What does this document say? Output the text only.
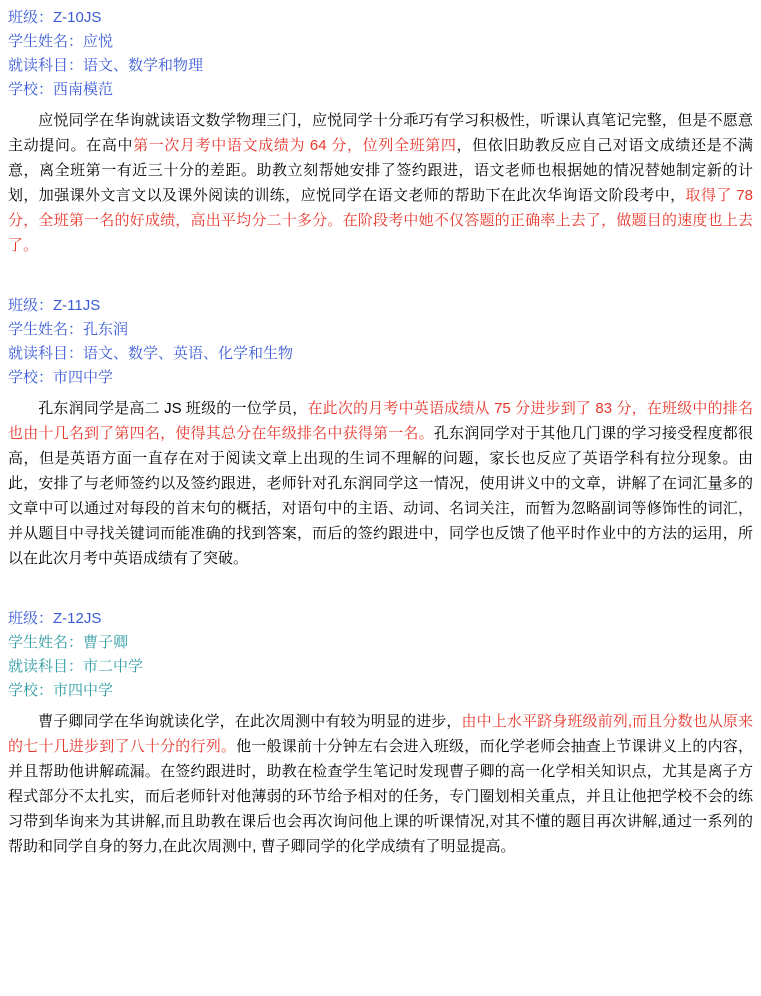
班级：Z-10JS
学生姓名：应悦
就读科目：语文、数学和物理
学校：西南模范
应悦同学在华询就读语文数学物理三门，应悦同学十分乖巧有学习积极性，听课认真笔记完整，但是不愿意主动提问。在高中第一次月考中语文成绩为 64 分，位列全班第四，但依旧助教反应自己对语文成绩还是不满意，离全班第一有近三十分的差距。助教立刻帮她安排了签约跟进，语文老师也根据她的情况替她制定新的计划，加强课外文言文以及课外阅读的训练，应悦同学在语文老师的帮助下在此次华询语文阶段考中，取得了 78 分，全班第一名的好成绩，高出平均分二十多分。在阶段考中她不仅答题的正确率上去了，做题目的速度也上去了。
班级：Z-11JS
学生姓名：孔东润
就读科目：语文、数学、英语、化学和生物
学校：市四中学
孔东润同学是高二 JS 班级的一位学员，在此次的月考中英语成绩从 75 分进步到了 83 分，在班级中的排名也由十几名到了第四名，使得其总分在年级排名中获得第一名。孔东润同学对于其他几门课的学习接受程度都很高，但是英语方面一直存在对于阅读文章上出现的生词不理解的问题，家长也反应了英语学科有拉分现象。由此，安排了与老师签约以及签约跟进，老师针对孔东润同学这一情况，使用讲义中的文章，讲解了在词汇量多的文章中可以通过对每段的首末句的概括，对语句中的主语、动词、名词关注，而暂为忽略副词等修饰性的词汇，并从题目中寻找关键词而能准确的找到答案，而后的签约跟进中，同学也反馈了他平时作业中的方法的运用，所以在此次月考中英语成绩有了突破。
班级：Z-12JS
学生姓名：曹子卿
就读科目：市二中学
学校：市四中学
曹子卿同学在华询就读化学，在此次周测中有较为明显的进步，由中上水平跻身班级前列,而且分数也从原来的七十几进步到了八十分的行列。他一般课前十分钟左右会进入班级，而化学老师会抽查上节课讲义上的内容，并且帮助他讲解疏漏。在签约跟进时，助教在检查学生笔记时发现曹子卿的高一化学相关知识点，尤其是离子方程式部分不太扎实，而后老师针对他薄弱的环节给予相对的任务，专门圈划相关重点，并且让他把学校不会的练习带到华询来为其讲解,而且助教在课后也会再次询问他上课的听课情况,对其不懂的题目再次讲解,通过一系列的帮助和同学自身的努力,在此次周测中, 曹子卿同学的化学成绩有了明显提高。
